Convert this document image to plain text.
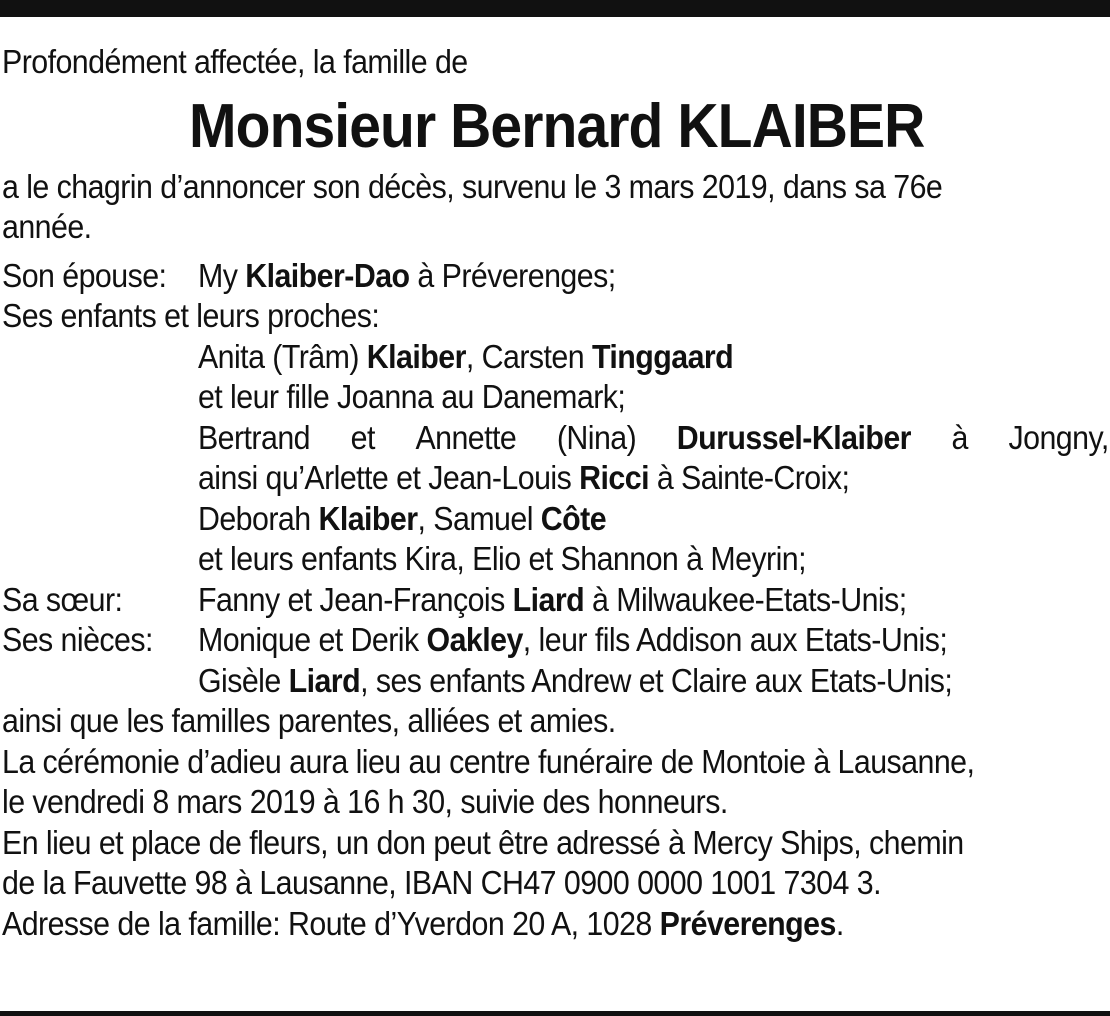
Profondément affectée, la famille de
Monsieur Bernard KLAIBER
a le chagrin d’annoncer son décès, survenu le 3 mars 2019, dans sa 76e
année.
Son épouse: My Klaiber-Dao à Préverenges;
Ses enfants et leurs proches:
Anita (Trâm) Klaiber, Carsten Tinggaard
et leur fille Joanna au Danemark;
Bertrand et Annette (Nina) Durussel-Klaiber à Jongny,
ainsi qu’Arlette et Jean-Louis Ricci à Sainte-Croix;
Deborah Klaiber, Samuel Côte
et leurs enfants Kira, Elio et Shannon à Meyrin;
Sa sœur:	Fanny et Jean-François Liard à Milwaukee-Etats-Unis;
Ses nièces:	Monique et Derik Oakley, leur fils Addison aux Etats-Unis;
Gisèle Liard, ses enfants Andrew et Claire aux Etats-Unis;
ainsi que les familles parentes, alliées et amies.
La cérémonie d’adieu aura lieu au centre funéraire de Montoie à Lausanne,
le vendredi 8 mars 2019 à 16 h 30, suivie des honneurs.
En lieu et place de fleurs, un don peut être adressé à Mercy Ships, chemin
de la Fauvette 98 à Lausanne, IBAN CH47 0900 0000 1001 7304 3.
Adresse de la famille: Route d’Yverdon 20 A, 1028 Préverenges.
